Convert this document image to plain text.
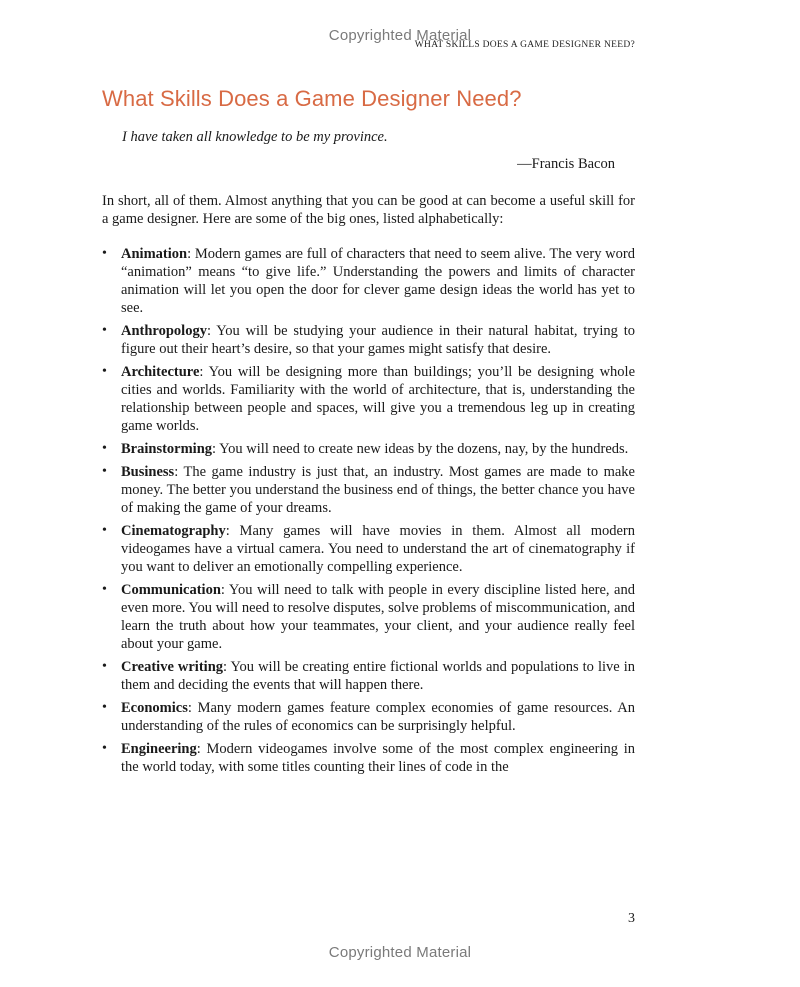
Copyrighted Material
WHAT SKILLS DOES A GAME DESIGNER NEED?
What Skills Does a Game Designer Need?
I have taken all knowledge to be my province.
—Francis Bacon

In short, all of them. Almost anything that you can be good at can become a useful skill for a game designer. Here are some of the big ones, listed alphabetically:

• Animation: Modern games are full of characters that need to seem alive. The very word “animation” means “to give life.” Understanding the powers and limits of character animation will let you open the door for clever game design ideas the world has yet to see.
• Anthropology: You will be studying your audience in their natural habitat, trying to figure out their heart’s desire, so that your games might satisfy that desire.
• Architecture: You will be designing more than buildings; you’ll be designing whole cities and worlds. Familiarity with the world of architecture, that is, understanding the relationship between people and spaces, will give you a tremendous leg up in creating game worlds.
• Brainstorming: You will need to create new ideas by the dozens, nay, by the hundreds.
• Business: The game industry is just that, an industry. Most games are made to make money. The better you understand the business end of things, the better chance you have of making the game of your dreams.
• Cinematography: Many games will have movies in them. Almost all modern videogames have a virtual camera. You need to understand the art of cinematography if you want to deliver an emotionally compelling experience.
• Communication: You will need to talk with people in every discipline listed here, and even more. You will need to resolve disputes, solve problems of miscommunication, and learn the truth about how your teammates, your client, and your audience really feel about your game.
• Creative writing: You will be creating entire fictional worlds and populations to live in them and deciding the events that will happen there.
• Economics: Many modern games feature complex economies of game resources. An understanding of the rules of economics can be surprisingly helpful.
• Engineering: Modern videogames involve some of the most complex engineering in the world today, with some titles counting their lines of code in the
3
Copyrighted Material
